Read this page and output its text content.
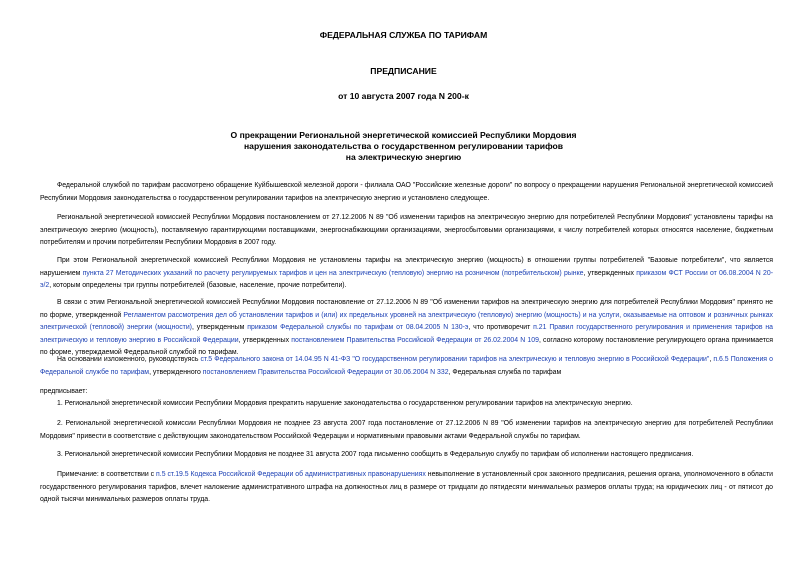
ФЕДЕРАЛЬНАЯ СЛУЖБА ПО ТАРИФАМ

ПРЕДПИСАНИЕ

от 10 августа 2007 года N 200-к

О прекращении Региональной энергетической комиссией Республики Мордовия
нарушения законодательства о государственном регулировании тарифов
на электрическую энергию

Федеральной службой по тарифам рассмотрено обращение Куйбышевской железной дороги - филиала ОАО "Российские железные дороги" по вопросу о прекращении нарушения Региональной энергетической комиссией Республики Мордовия законодательства о государственном регулировании тарифов на электрическую энергию и установлено следующее.

Региональной энергетической комиссией Республики Мордовия постановлением от 27.12.2006 N 89 "Об изменении тарифов на электрическую энергию для потребителей Республики Мордовия" установлены тарифы на электрическую энергию (мощность), поставляемую гарантирующими поставщиками, энергоснабжающими организациями, энергосбытовыми организациями, к числу потребителей которых относятся население, бюджетным потребителям и прочим потребителям Республики Мордовия в 2007 году.

При этом Региональной энергетической комиссией Республики Мордовия не установлены тарифы на электрическую энергию (мощность) в отношении группы потребителей "Базовые потребители", что является нарушением пункта 27 Методических указаний по расчету регулируемых тарифов и цен на электрическую (тепловую) энергию на розничном (потребительском) рынке, утвержденных приказом ФСТ России от 06.08.2004 N 20-э/2, которым определены три группы потребителей (базовые, население, прочие потребители).

В связи с этим Региональной энергетической комиссией Республики Мордовия постановление от 27.12.2006 N 89 "Об изменении тарифов на электрическую энергию для потребителей Республики Мордовия" принято не по форме, утвержденной Регламентом рассмотрения дел об установлении тарифов и (или) их предельных уровней на электрическую (тепловую) энергию (мощность) и на услуги, оказываемые на оптовом и розничных рынках электрической (тепловой) энергии (мощности), утвержденным приказом Федеральной службы по тарифам от 08.04.2005 N 130-э, что противоречит п.21 Правил государственного регулирования и применения тарифов на электрическую и тепловую энергию в Российской Федерации, утвержденных постановлением Правительства Российской Федерации от 26.02.2004 N 109, согласно которому постановление регулирующего органа принимается по форме, утверждаемой Федеральной службой по тарифам.

На основании изложенного, руководствуясь ст.5 Федерального закона от 14.04.95 N 41-ФЗ "О государственном регулировании тарифов на электрическую и тепловую энергию в Российской Федерации", п.6.5 Положения о Федеральной службе по тарифам, утвержденного постановлением Правительства Российской Федерации от 30.06.2004 N 332, Федеральная служба по тарифам

предписывает:

1. Региональной энергетической комиссии Республики Мордовия прекратить нарушение законодательства о государственном регулировании тарифов на электрическую энергию.

2. Региональной энергетической комиссии Республики Мордовия не позднее 23 августа 2007 года постановление от 27.12.2006 N 89 "Об изменении тарифов на электрическую энергию для потребителей Республики Мордовия" привести в соответствие с действующим законодательством Российской Федерации и нормативными правовыми актами Федеральной службы по тарифам.

3. Региональной энергетической комиссии Республики Мордовия не позднее 31 августа 2007 года письменно сообщить в Федеральную службу по тарифам об исполнении настоящего предписания.

Примечание: в соответствии с п.5 ст.19.5 Кодекса Российской Федерации об административных правонарушениях невыполнение в установленный срок законного предписания, решения органа, уполномоченного в области государственного регулирования тарифов, влечет наложение административного штрафа на должностных лиц в размере от тридцати до пятидесяти минимальных размеров оплаты труда; на юридических лиц - от пятисот до одной тысячи минимальных размеров оплаты труда.
